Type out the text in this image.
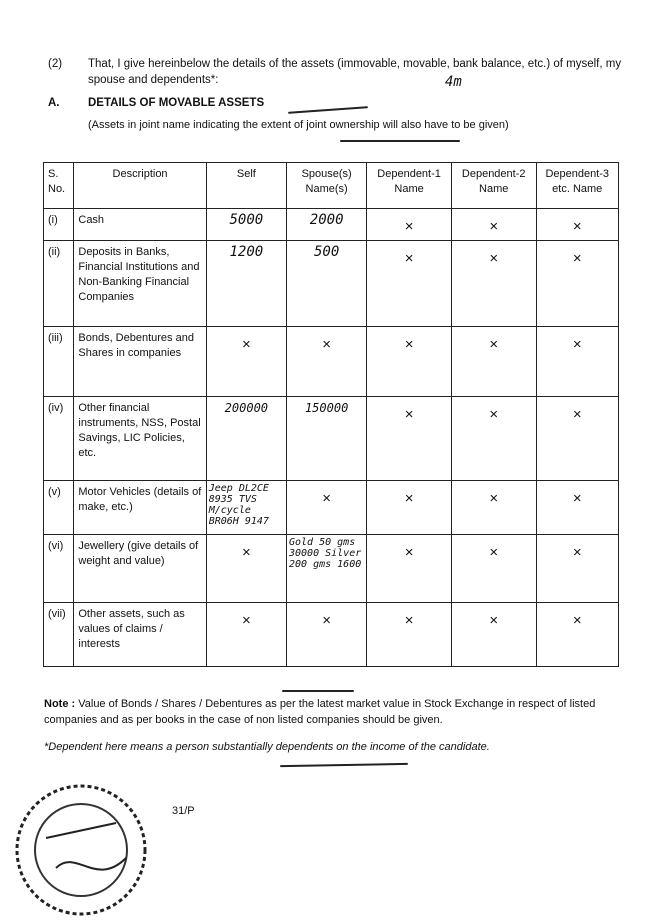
(2) That, I give hereinbelow the details of the assets (immovable, movable, bank balance, etc.) of myself, my spouse and dependents*:	4m
A. DETAILS OF MOVABLE ASSETS
(Assets in joint name indicating the extent of joint ownership will also have to be given)
S. No.	Description	Self	Spouse(s) Name(s)	Dependent-1 Name	Dependent-2 Name	Dependent-3 etc. Name
(i)	Cash	5000	2000	×	×	×

(ii)	Deposits in Banks, Financial Institutions and Non-Banking Financial Companies	1200	500	×	×	×

(iii)	Bonds, Debentures and Shares in companies	×	×	×	×	×

(iv)	Other financial instruments, NSS, Postal Savings, LIC Policies, etc.	200000	150000	×	×	×

(v)	Motor Vehicles (details of make, etc.)	Jeep DL2CE 8935 TVS M/cycle BR06H 9147	×	×	×	×

(vi)	Jewellery (give details of weight and value)	×	Gold 50 gms 30000 Silver 200 gms 1600	×	×	×

(vii)	Other assets, such as values of claims / interests	×	×	×	×	×
Note : Value of Bonds / Shares / Debentures as per the latest market value in Stock Exchange in respect of listed companies and as per books in the case of non listed companies should be given.
*Dependent here means a person substantially dependents on the income of the candidate.
31/P
